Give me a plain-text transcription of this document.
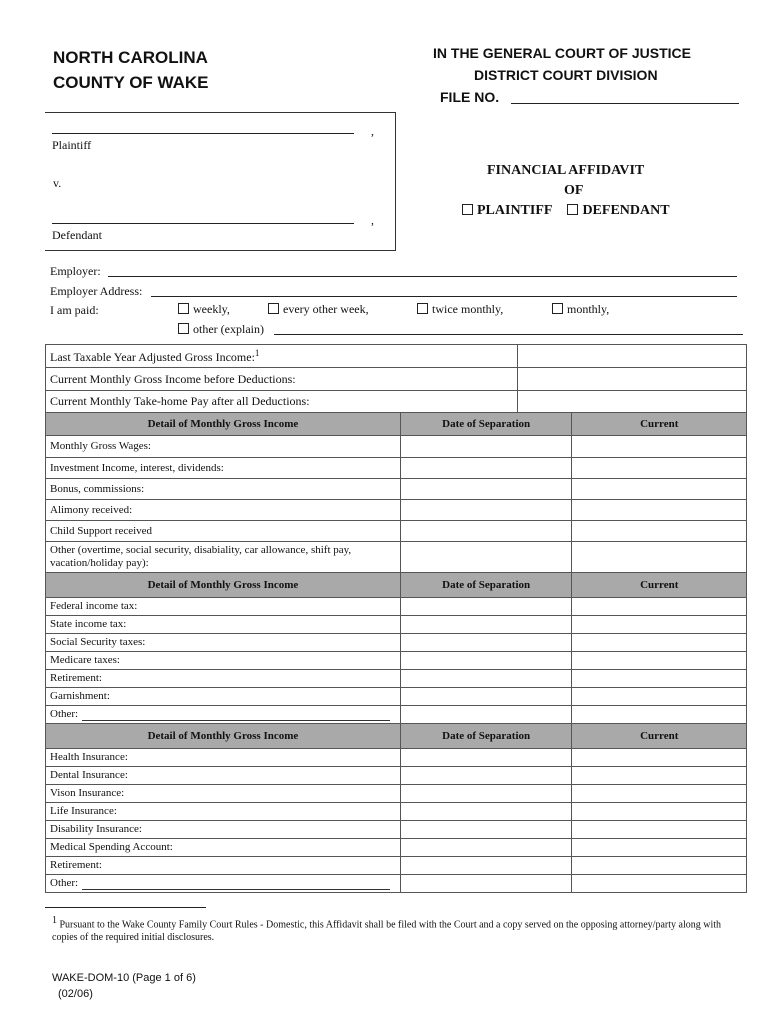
NORTH CAROLINA
COUNTY OF WAKE
IN THE GENERAL COURT OF JUSTICE
DISTRICT COURT DIVISION
FILE NO.
,
Plaintiff
v.
,
Defendant
FINANCIAL AFFIDAVIT
OF
PLAINTIFF DEFENDANT
Employer:
Employer Address:
I am paid:	weekly,	every other week,	twice monthly,	monthly,
other (explain)
Last Taxable Year Adjusted Gross Income:$^1$	
Current Monthly Gross Income before Deductions:	
Current Monthly Take-home Pay after all Deductions:	
Detail of Monthly Gross Income	Date of Separation	Current
Monthly Gross Wages:		
Investment Income, interest, dividends:		
Bonus, commissions:		
Alimony received:		
Child Support received		
Other (overtime, social security, disabiality, car allowance, shift pay, vacation/holiday pay):		
Detail of Monthly Gross Income	Date of Separation	Current
Federal income tax:		
State income tax:		
Social Security taxes:		
Medicare taxes:		
Retirement:		
Garnishment:		
Other:		
Detail of Monthly Gross Income	Date of Separation	Current
Health Insurance:		
Dental Insurance:		
Vison Insurance:		
Life Insurance:		
Disability Insurance:		
Medical Spending Account:		
Retirement:		
Other:		
$^1$ Pursuant to the Wake County Family Court Rules - Domestic, this Affidavit shall be filed with the Court and a copy served on the opposing attorney/party along with copies of the required initial disclosures.
WAKE-DOM-10 (Page 1 of 6)
(02/06)
